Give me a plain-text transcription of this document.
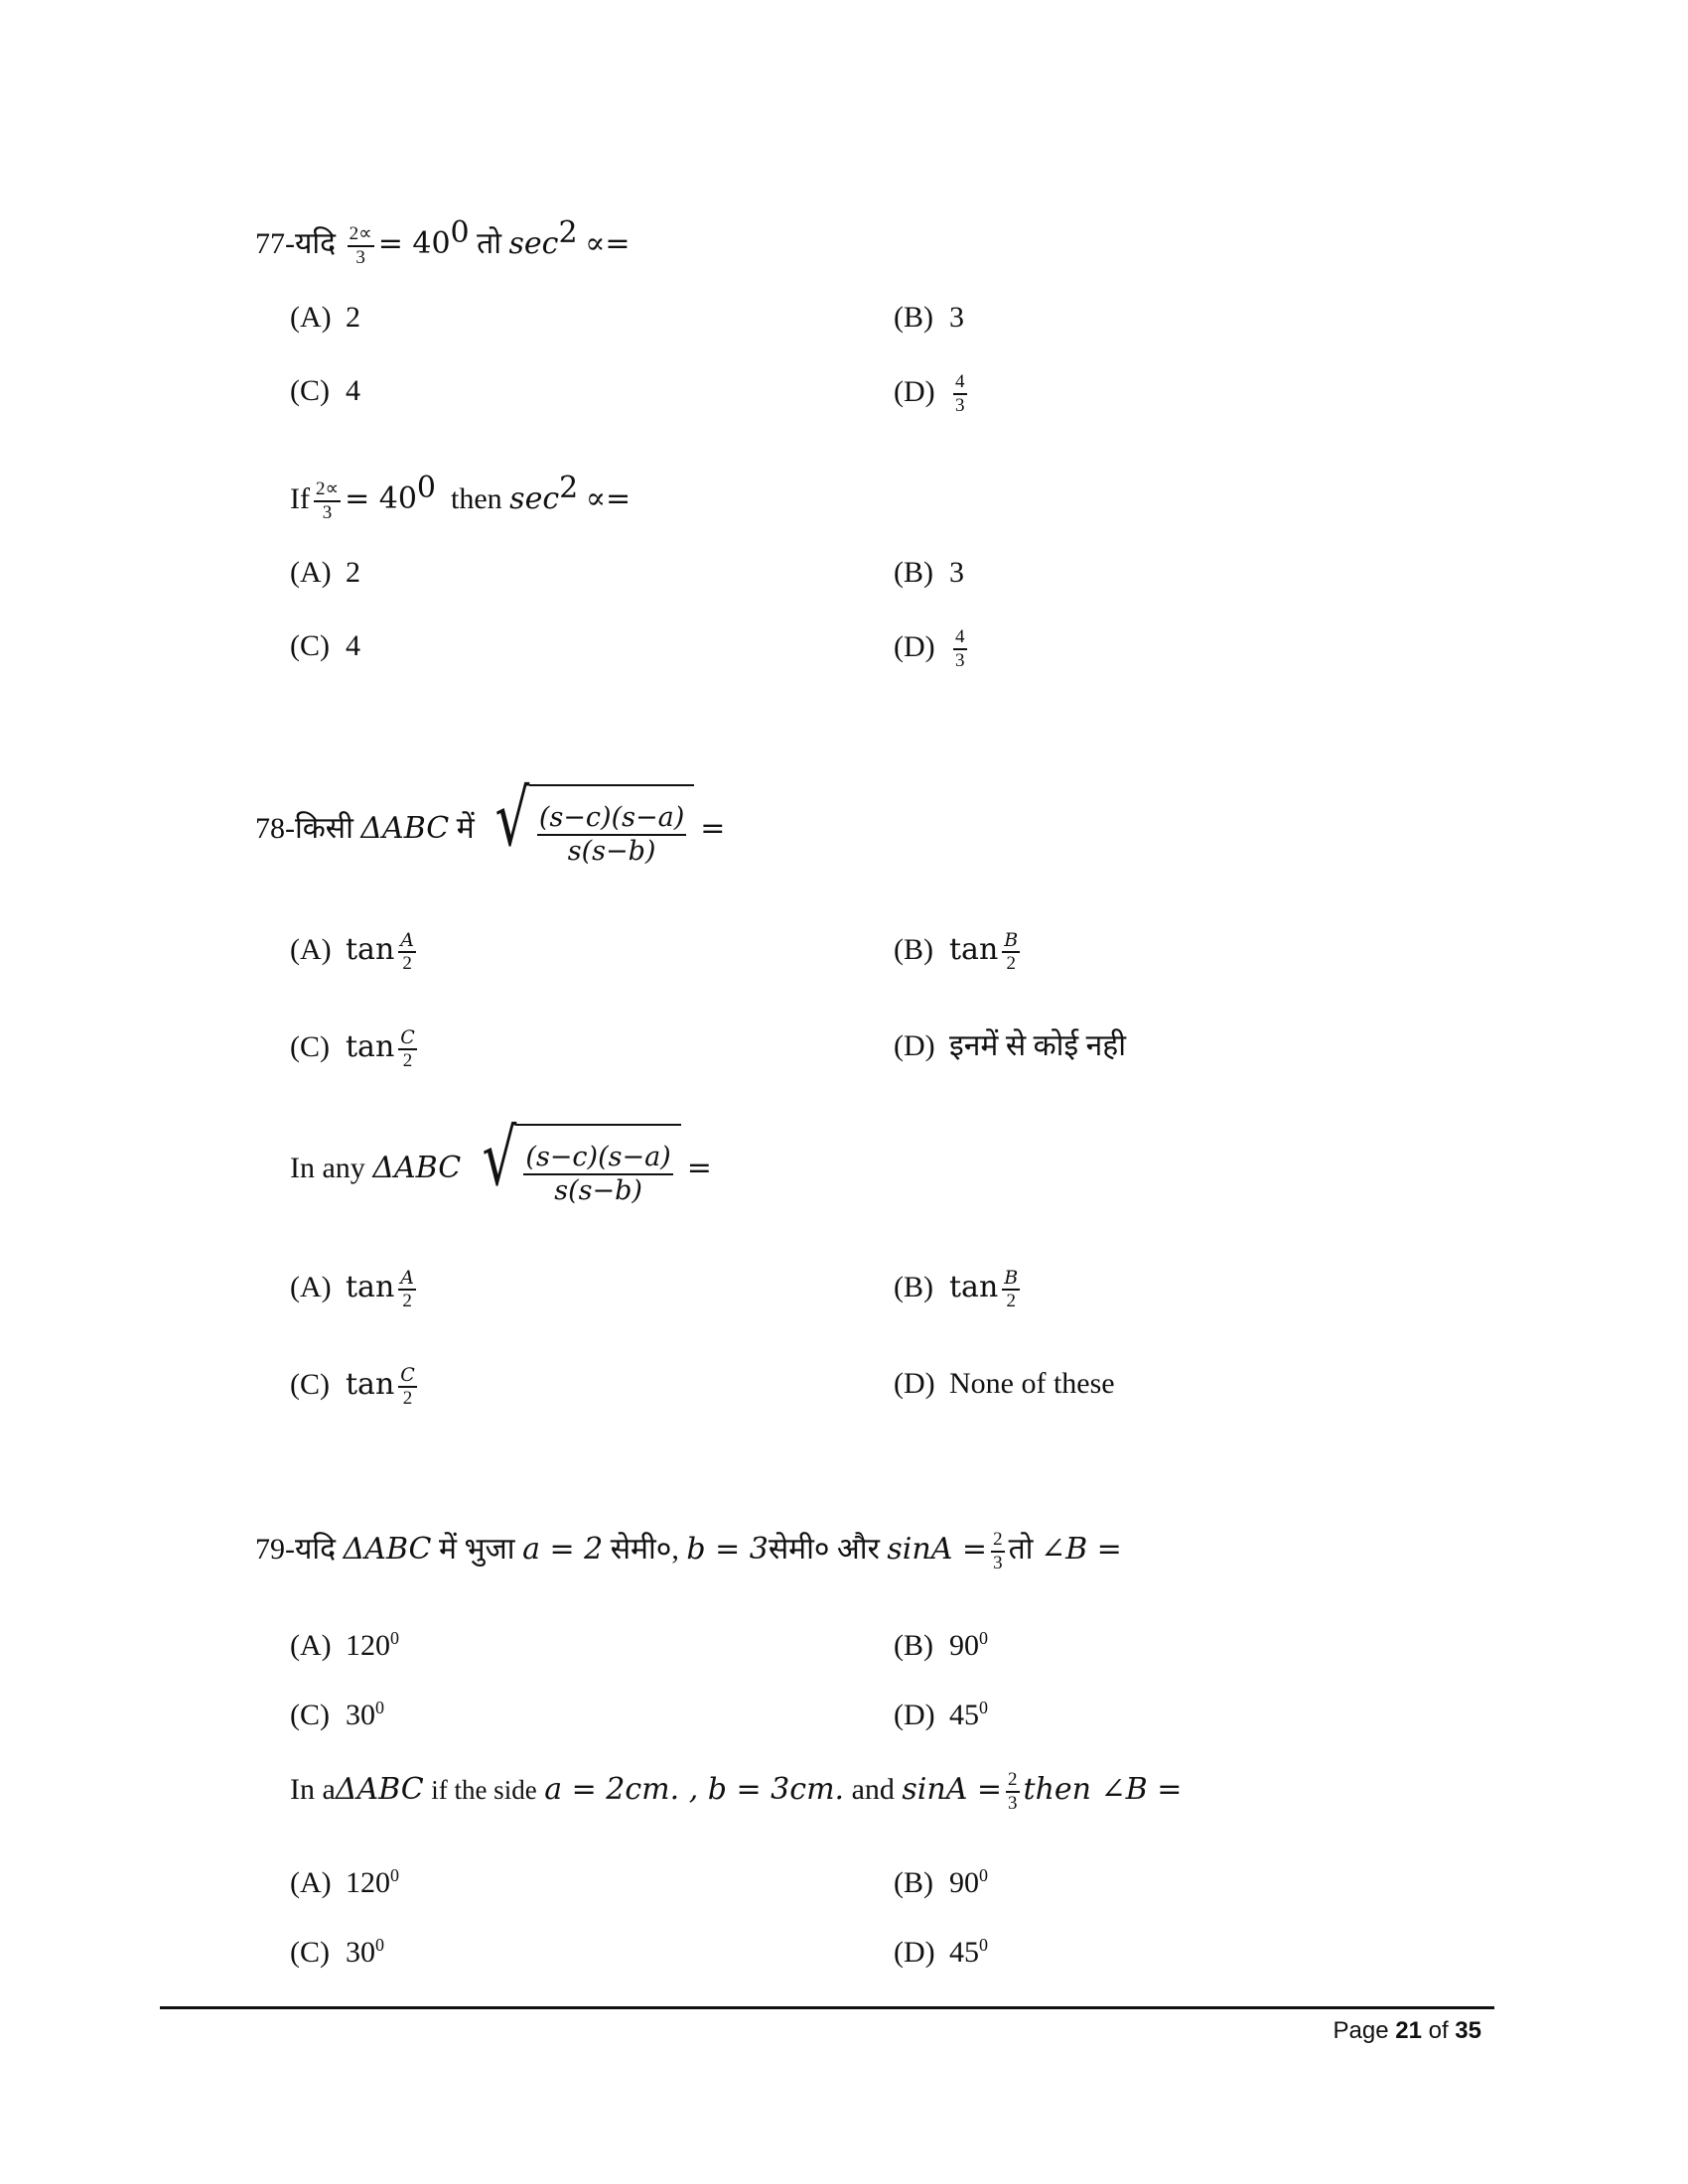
77-यदि $\frac{2\propto}{3} = 40^0$ तो $\sec^2$ ∝=
(A) 2	(B) 3
(C) 4	$(D) \frac{4}{3}$
If $\frac{2\propto}{3} = 40^0$ then $\sec^2$ ∝=
(A) 2	(B) 3
(C) 4	$(D) \frac{4}{3}$
78-किसी ΔABC में √ $\frac{(s-c)(s-a)}{s(s-b)}$ =
(A) $\tan \frac{A}{2}$	(B) $\tan \frac{B}{2}$
(C) $\tan \frac{C}{2}$	(D) इनमें से कोई नही
In any ΔABC √ $\frac{(s-c)(s-a)}{s(s-b)}$ =
(A) $\tan \frac{A}{2}$	(B) $\tan \frac{B}{2}$
(C) $\tan \frac{C}{2}$	(D) None of these
79-यदि ΔABC में भुजा a = 2 सेमी०, b = 3सेमी० और $\sin A = \frac{2}{3}$ तो ∠B =
(A) $120^0$	(B) $90^0$
(C) $30^0$	(D) $45^0$
In aΔABC if the side a = 2cm. , b = 3cm. and $\sin A = \frac{2}{3}$ then ∠B =
(A) $120^0$	(B) $90^0$
(C) $30^0$	(D) $45^0$
Page 21 of 35
